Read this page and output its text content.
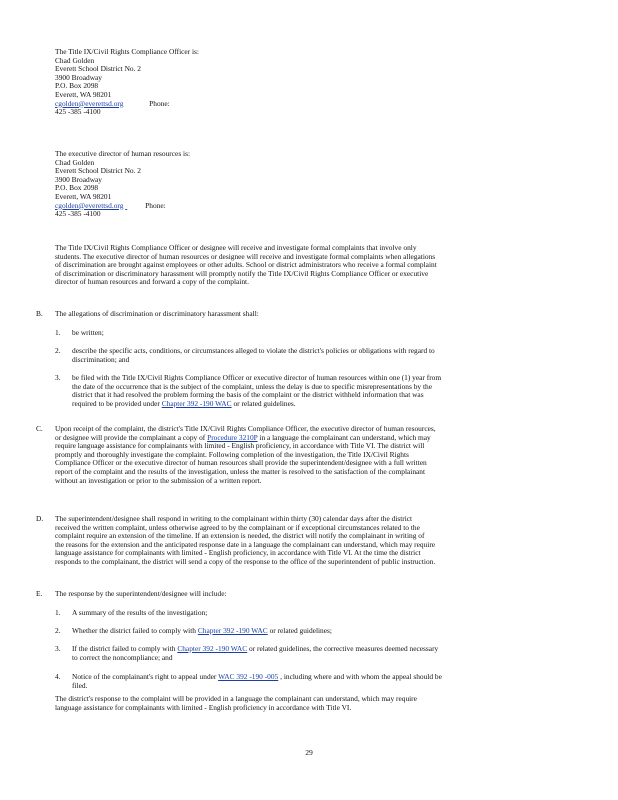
The Title IX/Civil Rights Compliance Officer is:
Chad Golden
Everett School District No. 2
3900 Broadway
P.O. Box 2098
Everett, WA 98201
cgolden@everettsd.org	Phone:
425 -385 -4100
The executive director of human resources is:
Chad Golden
Everett School District No. 2
3900 Broadway
P.O. Box 2098
Everett, WA 98201
cgolden@everettsd.org	Phone:
425 -385 -4100
The Title IX/Civil Rights Compliance Officer or designee will receive and investigate formal complaints that involve only
students. The executive director of human resources or designee will receive and investigate formal complaints when allegations
of discrimination are brought against employees or other adults. School or district administrators who receive a formal complaint
of discrimination or discriminatory harassment will promptly notify the Title IX/Civil Rights Compliance Officer or executive
director of human resources and forward a copy of the complaint.
B. The allegations of discrimination or discriminatory harassment shall:
1. be written;
2. describe the specific acts, conditions, or circumstances alleged to violate the district's policies or obligations with regard to
discrimination; and
3. be filed with the Title IX/Civil Rights Compliance Officer or executive director of human resources within one (1) year from
the date of the occurrence that is the subject of the complaint, unless the delay is due to specific misrepresentations by the
district that it had resolved the problem forming the basis of the complaint or the district withheld information that was
required to be provided under Chapter 392 -190 WAC or related guidelines.
C. Upon receipt of the complaint, the district's Title IX/Civil Rights Compliance Officer, the executive director of human resources,
or designee will provide the complainant a copy of Procedure 3210P in a language the complainant can understand, which may
require language assistance for complainants with limited - English proficiency, in accordance with Title VI. The district will
promptly and thoroughly investigate the complaint. Following completion of the investigation, the Title IX/Civil Rights
Compliance Officer or the executive director of human resources shall provide the superintendent/designee with a full written
report of the complaint and the results of the investigation, unless the matter is resolved to the satisfaction of the complainant
without an investigation or prior to the submission of a written report.
D. The superintendent/designee shall respond in writing to the complainant within thirty (30) calendar days after the district
received the written complaint, unless otherwise agreed to by the complainant or if exceptional circumstances related to the
complaint require an extension of the timeline. If an extension is needed, the district will notify the complainant in writing of
the reasons for the extension and the anticipated response date in a language the complainant can understand, which may require
language assistance for complainants with limited - English proficiency, in accordance with Title VI. At the time the district
responds to the complainant, the district will send a copy of the response to the office of the superintendent of public instruction.
E. The response by the superintendent/designee will include:
1. A summary of the results of the investigation;
2. Whether the district failed to comply with Chapter 392 -190 WAC or related guidelines;
3. If the district failed to comply with Chapter 392 -190 WAC or related guidelines, the corrective measures deemed necessary
to correct the noncompliance; and
4. Notice of the complainant's right to appeal under WAC 392 -190 -005 , including where and with whom the appeal should be
filed.
The district's response to the complaint will be provided in a language the complainant can understand, which may require
language assistance for complainants with limited - English proficiency in accordance with Title VI.
29
